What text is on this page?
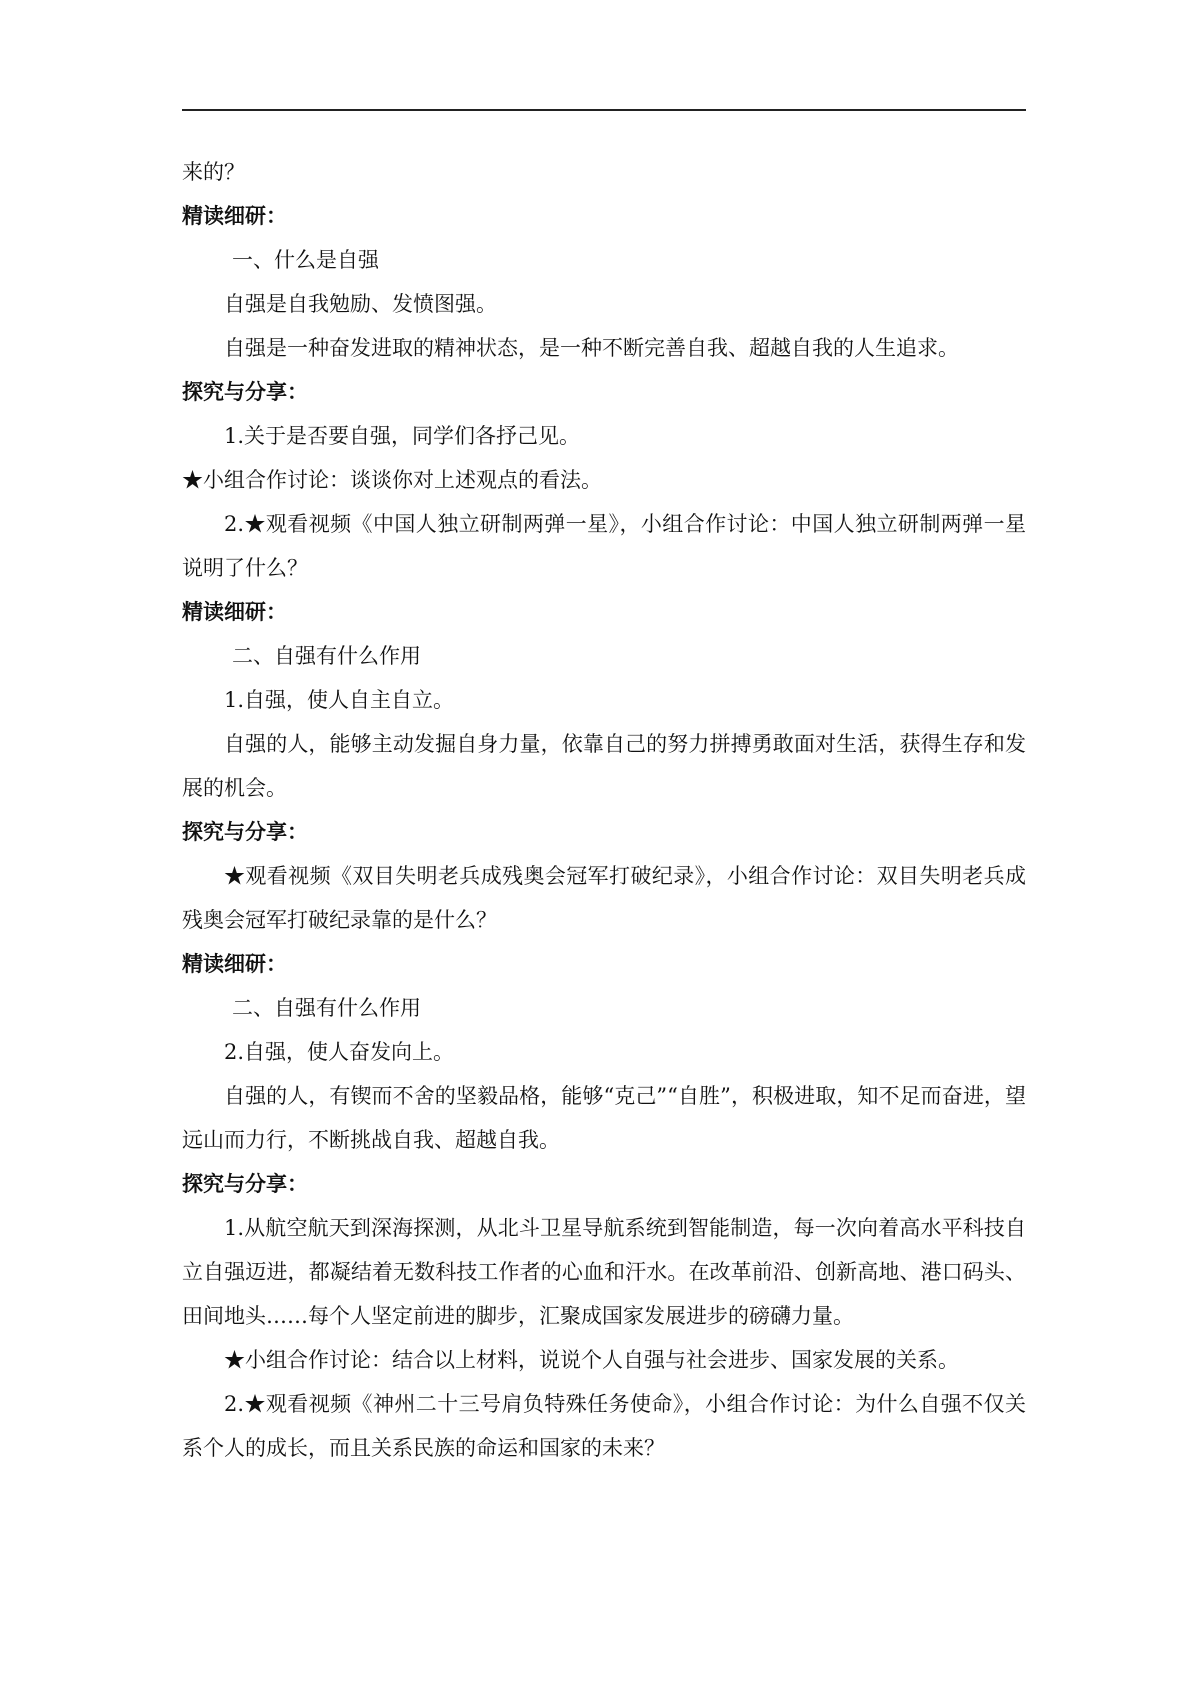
来的？
精读细研：
一、什么是自强
自强是自我勉励、发愤图强。
自强是一种奋发进取的精神状态，是一种不断完善自我、超越自我的人生追求。
探究与分享：
1.关于是否要自强，同学们各抒己见。
★小组合作讨论：谈谈你对上述观点的看法。
2.★观看视频《中国人独立研制两弹一星》，小组合作讨论：中国人独立研制两弹一星说明了什么？
精读细研：
二、自强有什么作用
1.自强，使人自主自立。
自强的人，能够主动发掘自身力量，依靠自己的努力拼搏勇敢面对生活，获得生存和发展的机会。
探究与分享：
★观看视频《双目失明老兵成残奥会冠军打破纪录》，小组合作讨论：双目失明老兵成残奥会冠军打破纪录靠的是什么？
精读细研：
二、自强有什么作用
2.自强，使人奋发向上。
自强的人，有锲而不舍的坚毅品格，能够“克己”“自胜”，积极进取，知不足而奋进，望远山而力行，不断挑战自我、超越自我。
探究与分享：
1.从航空航天到深海探测，从北斗卫星导航系统到智能制造，每一次向着高水平科技自立自强迈进，都凝结着无数科技工作者的心血和汗水。在改革前沿、创新高地、港口码头、田间地头……每个人坚定前进的脚步，汇聚成国家发展进步的磅礴力量。
★小组合作讨论：结合以上材料，说说个人自强与社会进步、国家发展的关系。
2.★观看视频《神州二十三号肩负特殊任务使命》，小组合作讨论：为什么自强不仅关系个人的成长，而且关系民族的命运和国家的未来？
